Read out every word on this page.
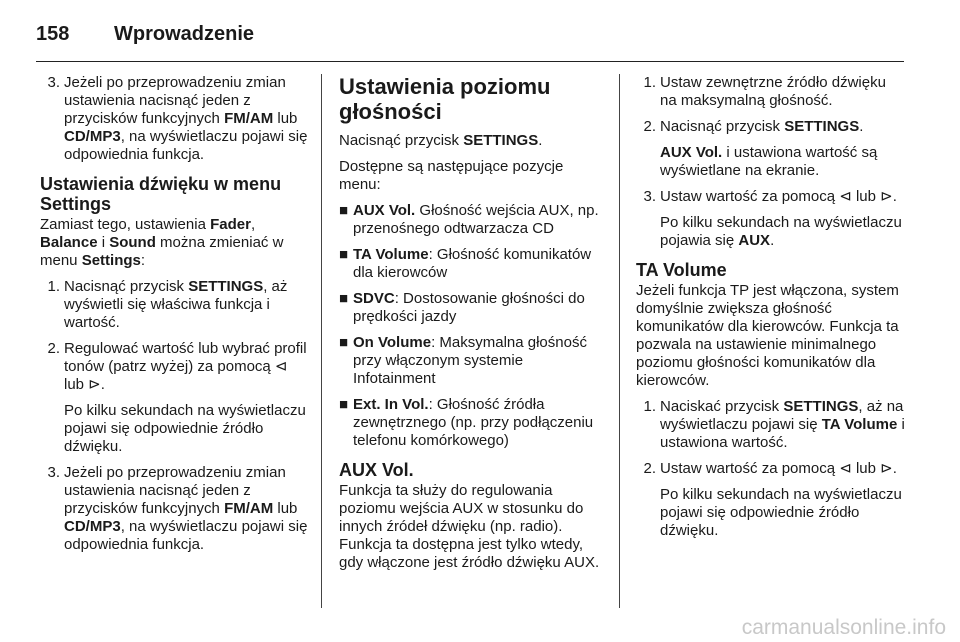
158	Wprowadzenie
3. Jeżeli po przeprowadzeniu zmian ustawienia nacisnąć jeden z przycisków funkcyjnych FM/AM lub CD/MP3, na wyświetlaczu pojawi się odpowiednia funkcja.
Ustawienia dźwięku w menu Settings

Zamiast tego, ustawienia Fader, Balance i Sound można zmieniać w menu Settings:

1. Nacisnąć przycisk SETTINGS, aż wyświetli się właściwa funkcja i wartość.
2. Regulować wartość lub wybrać profil tonów (patrz wyżej) za pomocą ⊲ lub ⊳.
Po kilku sekundach na wyświetlaczu pojawi się odpowiednie źródło dźwięku.
3. Jeżeli po przeprowadzeniu zmian ustawienia nacisnąć jeden z przycisków funkcyjnych FM/AM lub CD/MP3, na wyświetlaczu pojawi się odpowiednia funkcja.
Ustawienia poziomu głośności

Nacisnąć przycisk SETTINGS.

Dostępne są następujące pozycje menu:

■ AUX Vol. Głośność wejścia AUX, np. przenośnego odtwarzacza CD
■ TA Volume: Głośność komunikatów dla kierowców
■ SDVC: Dostosowanie głośności do prędkości jazdy
■ On Volume: Maksymalna głośność przy włączonym systemie Infotainment
■ Ext. In Vol.: Głośność źródła zewnętrznego (np. przy podłączeniu telefonu komórkowego)
AUX Vol.

Funkcja ta służy do regulowania poziomu wejścia AUX w stosunku do innych źródeł dźwięku (np. radio). Funkcja ta dostępna jest tylko wtedy, gdy włączone jest źródło dźwięku AUX.

1. Ustaw zewnętrzne źródło dźwięku na maksymalną głośność.
2. Nacisnąć przycisk SETTINGS.
AUX Vol. i ustawiona wartość są wyświetlane na ekranie.
3. Ustaw wartość za pomocą ⊲ lub ⊳.
Po kilku sekundach na wyświetlaczu pojawia się AUX.
TA Volume

Jeżeli funkcja TP jest włączona, system domyślnie zwiększa głośność komunikatów dla kierowców. Funkcja ta pozwala na ustawienie minimalnego poziomu głośności komunikatów dla kierowców.

1. Naciskać przycisk SETTINGS, aż na wyświetlaczu pojawi się TA Volume i ustawiona wartość.
2. Ustaw wartość za pomocą ⊲ lub ⊳.
Po kilku sekundach na wyświetlaczu pojawi się odpowiednie źródło dźwięku.
carmanualsonline.info
